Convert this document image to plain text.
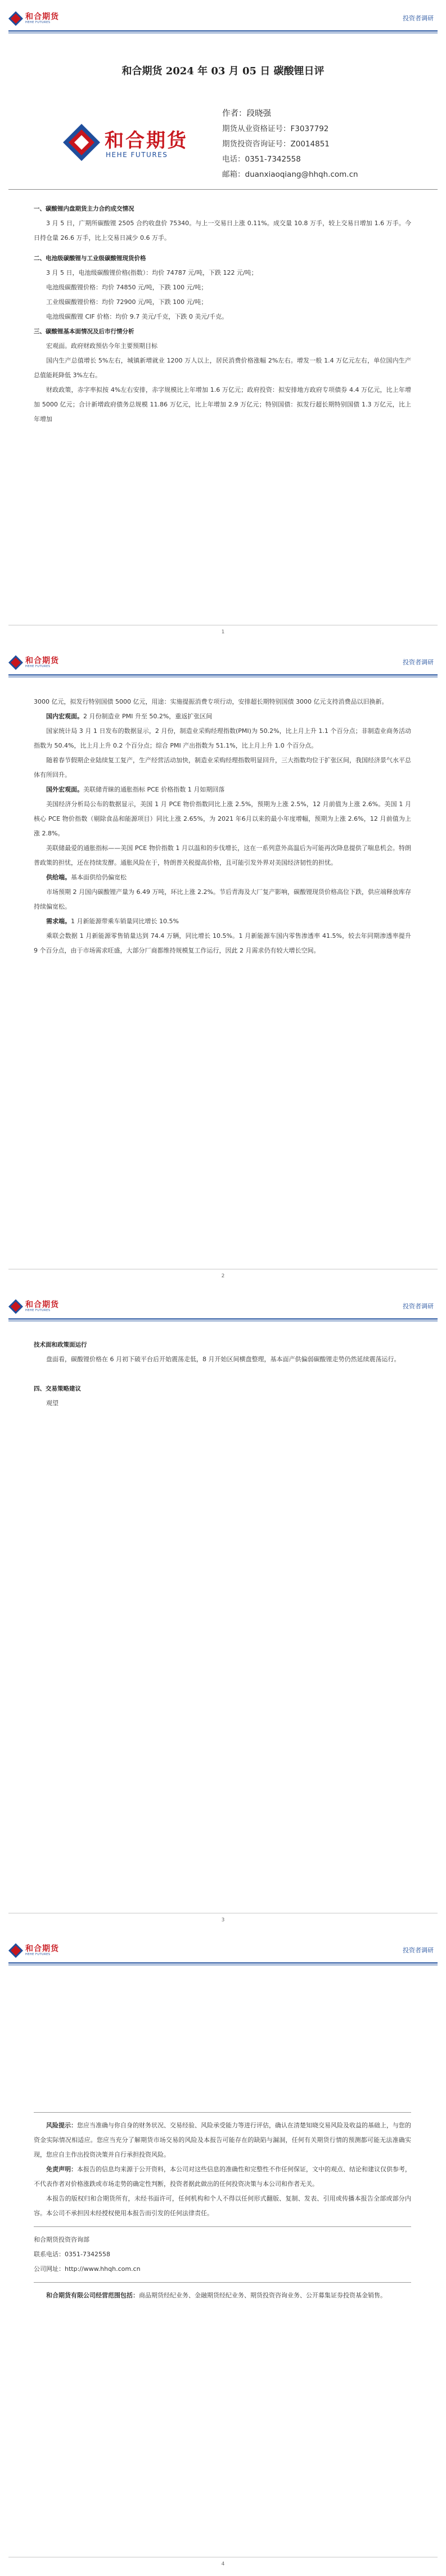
和合期货
HEHE FUTURES
投资者调研
和合期货 2024 年 03 月 05 日 碳酸锂日评
和合期货
HEHE FUTURES
作者：段晓强
期货从业资格证号：F3037792
期货投资咨询证号：Z0014851
电话：0351-7342558
邮箱：duanxiaoqiang@hhqh.com.cn

一、碳酸锂内盘期货主力合约成交情况

3 月 5 日，广期所碳酸锂 2505 合约收盘价 75340。与上一交易日上涨 0.11%。成交量 10.8 万手，较上交易日增加 1.6 万手。今日持仓量 26.6 万手，比上交易日减少 0.6 万手。

二、电池级碳酸锂与工业级碳酸锂现货价格

3 月 5 日，电池级碳酸锂价格(指数）：均价 74787 元/吨，下跌 122 元/吨；

电池级碳酸锂价格：均价 74850 元/吨，下跌 100 元/吨；

工业级碳酸锂价格：均价 72900 元/吨，下跌 100 元/吨；

电池级碳酸锂 CIF 价格：均价 9.7 美元/千克，下跌 0 美元/千克。

三、碳酸锂基本面情况及后市行情分析

宏观面。政府财政预估今年主要预期目标

国内生产总值增长 5%左右，城镇新增就业 1200 万人以上，居民消费价格涨幅 2%左右。增发一般 1.4 万亿元左右，单位国内生产总值能耗降低 3%左右。

财政政策，赤字率拟按 4%左右安排，赤字规模比上年增加 1.6 万亿元；政府投资：拟安排地方政府专项债券 4.4 万亿元，比上年增加 5000 亿元；合计新增政府债务总规模 11.86 万亿元，比上年增加 2.9 万亿元；特别国债：拟发行超长期特别国债 1.3 万亿元，比上年增加

1
和合期货
HEHE FUTURES
投资者调研

3000 亿元，拟发行特别国债 5000 亿元，用途：实施提振消费专项行动，安排超长期特别国债 3000 亿元支持消费品以旧换新。

国内宏观面。2 月份制造业 PMI 升至 50.2%，重返扩张区间

国家统计局 3 月 1 日发布的数据显示，2 月份，制造业采购经理指数(PMI)为 50.2%，比上月上升 1.1 个百分点；非制造业商务活动指数为 50.4%，比上月上升 0.2 个百分点；综合 PMI 产出指数为 51.1%，比上月上升 1.0 个百分点。

随着春节假期企业陆续复工复产，生产经营活动加快，制造业采购经理指数明显回升，三大指数均位于扩张区间，我国经济景气水平总体有所回升。

国外宏观面。美联储青睐的通胀指标 PCE 价格指数 1 月如期回落

美国经济分析局公布的数据显示，美国 1 月 PCE 物价指数同比上涨 2.5%，预期为上涨 2.5%，12 月前值为上涨 2.6%。美国 1 月核心 PCE 物价指数（剔除食品和能源项目）同比上涨 2.65%，为 2021 年6月以来的最小年度增幅，预期为上涨 2.6%，12 月前值为上涨 2.8%。

美联储最爱的通胀指标——美国 PCE 物价指数 1 月以温和的步伐增长，这在一系列意外高温后为可能再次降息提供了喘息机会。特朗普政策的担忧，还在持续发酵。通胀风险在于，特朗普关税提高价格，且可能引发外界对美国经济韧性的担忧。

供给端。基本面供给仍偏宽松

市场预期 2 月国内碳酸锂产量为 6.49 万吨，环比上涨 2.2%。节后青海及大厂复产影响，碳酸锂现货价格高位下跌，供应端释放库存持续偏宽松。

需求端。1 月新能源带乘车销量同比增长 10.5%

乘联会数据 1 月新能源零售销量达到 74.4 万辆，同比增长 10.5%。1 月新能源车国内零售渗透率 41.5%，较去年同期渗透率提升 9 个百分点，由于市场需求旺盛，大部分厂商都维持规模复工作运行，因此 2 月需求仍有较大增长空间。

2
和合期货
HEHE FUTURES
投资者调研

技术面和政策面运行

盘面看，碳酸锂价格在 6 月初下破平台后开始震荡走低，8 月开始区间横盘整理，基本面产供偏弱碳酸锂走势仍然延续震荡运行。

四、交易策略建议

观望

3
和合期货
HEHE FUTURES
投资者调研

风险提示：您应当准确与你自身的财务状况、交易经验、风险承受能力等进行评估，确认在清楚知晓交易风险及收益的基础上，与您的资金实际情况相适应。您应当充分了解期货市场交易的风险及本报告可能存在的缺陷与漏洞，任何有关期货行情的预测都可能无法准确实现，您应自主作出投资决策并自行承担投资风险。

免责声明：本报告的信息均来源于公开资料，本公司对这些信息的准确性和完整性不作任何保证，文中的观点、结论和建议仅供参考，不代表作者对价格涨跌或市场走势的确定性判断，投资者据此做出的任何投资决策与本公司和作者无关。

本报告的版权归和合期货所有，未经书面许可，任何机构和个人不得以任何形式翻版、复制、发表、引用或传播本报告全部或部分内容。本公司不承担因未经授权使用本报告而引发的任何法律责任。

和合期货投资咨询部
联系电话：0351-7342558
公司网址：http://www.hhqh.com.cn

和合期货有限公司经营范围包括：商品期货经纪业务、金融期货经纪业务、期货投资咨询业务、公开募集证券投资基金销售。

4
